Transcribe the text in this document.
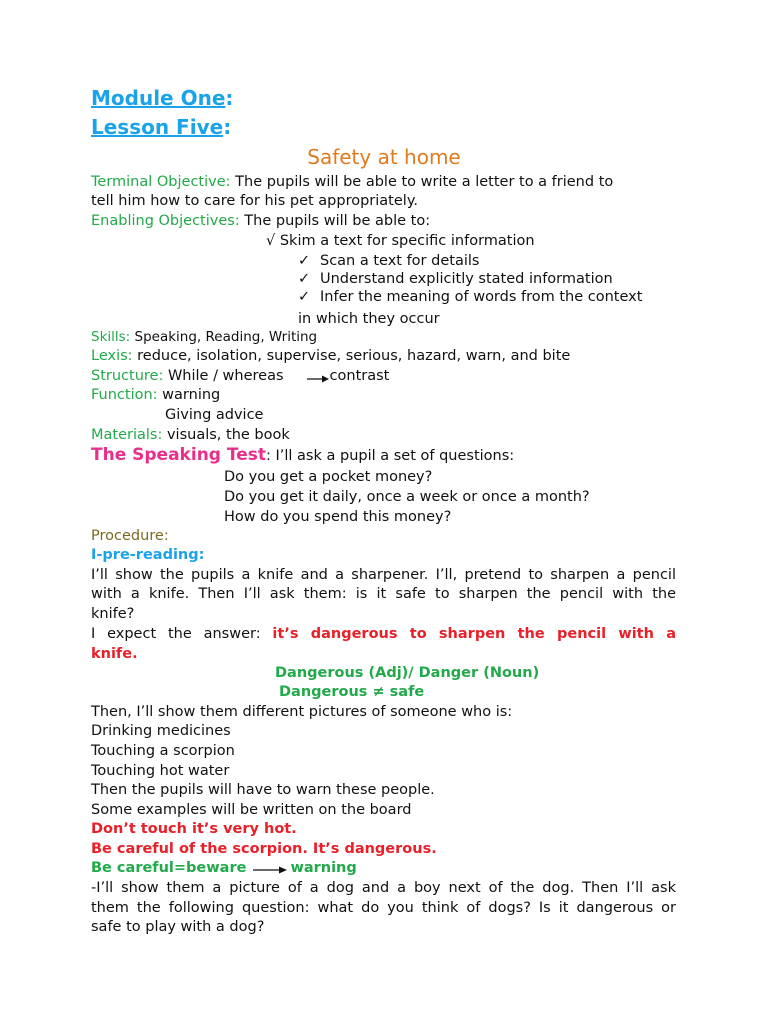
Module One:
Lesson Five:
Safety at home
Terminal Objective: The pupils will be able to write a letter to a friend to
tell him how to care for his pet appropriately.
Enabling Objectives: The pupils will be able to:
√ Skim a text for specific information
✓ Scan a text for details
✓ Understand explicitly stated information
✓ Infer the meaning of words from the context
in which they occur
Skills: Speaking, Reading, Writing
Lexis: reduce, isolation, supervise, serious, hazard, warn, and bite
Structure: While / whereas	contrast
Function: warning
Giving advice
Materials: visuals, the book
The Speaking Test: I’ll ask a pupil a set of questions:
Do you get a pocket money?
Do you get it daily, once a week or once a month?
How do you spend this money?
Procedure:
I-pre-reading:
I’ll show the pupils a knife and a sharpener. I’ll, pretend to sharpen a pencil
with a knife. Then I’ll ask them: is it safe to sharpen the pencil with the
knife?
I expect the answer: it’s dangerous to sharpen the pencil with a
knife.
Dangerous (Adj)/ Danger (Noun)
Dangerous ≠ safe
Then, I’ll show them different pictures of someone who is:
Drinking medicines
Touching a scorpion
Touching hot water
Then the pupils will have to warn these people.
Some examples will be written on the board
Don’t touch it’s very hot.
Be careful of the scorpion. It’s dangerous.
Be careful=beware	warning
-I’ll show them a picture of a dog and a boy next of the dog. Then I’ll ask
them the following question: what do you think of dogs? Is it dangerous or
safe to play with a dog?
